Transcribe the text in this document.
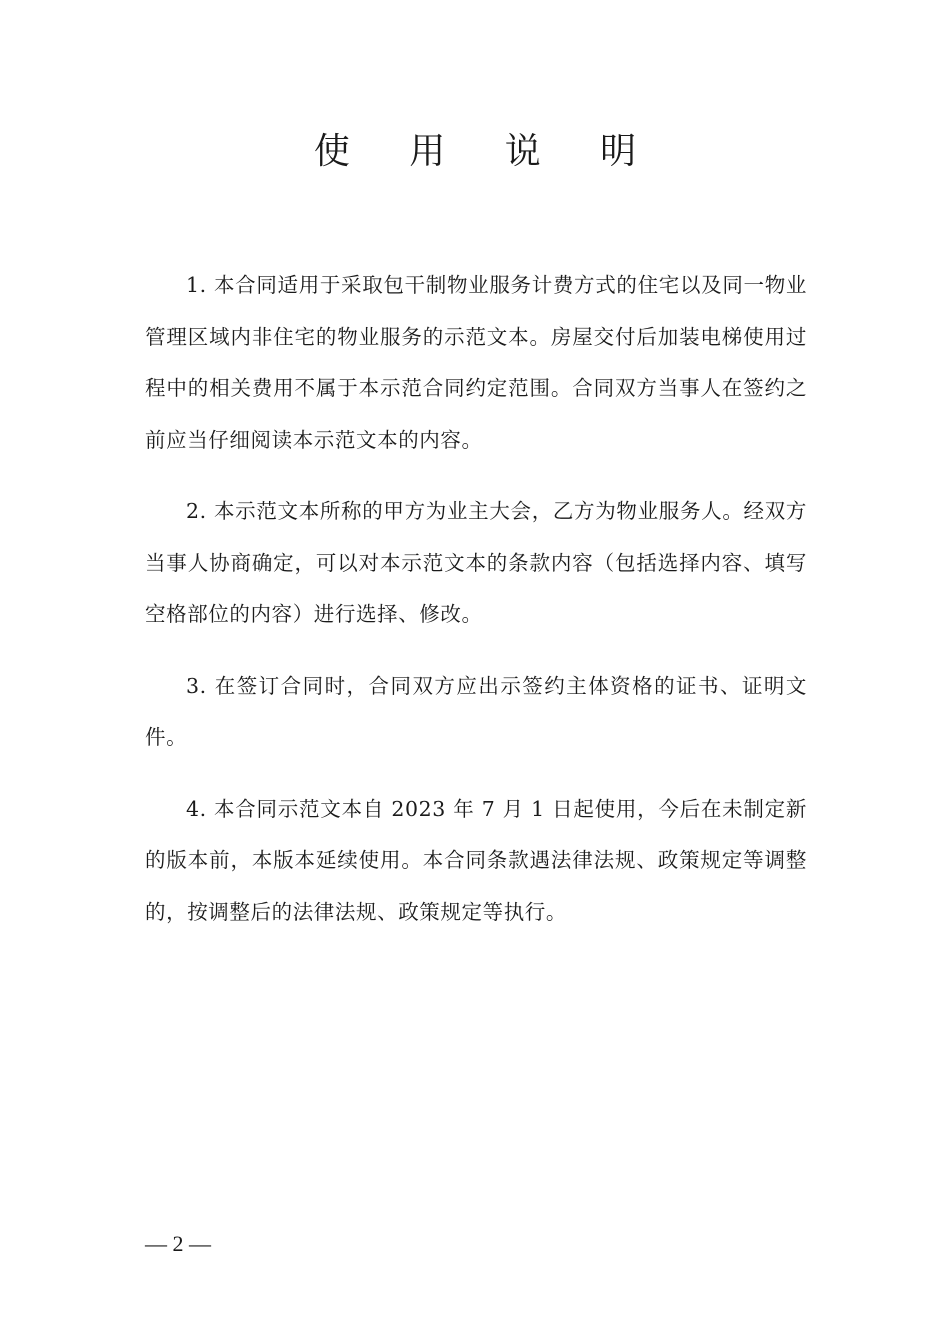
使 用 说 明

1. 本合同适用于采取包干制物业服务计费方式的住宅以及同一物业管理区域内非住宅的物业服务的示范文本。房屋交付后加装电梯使用过程中的相关费用不属于本示范合同约定范围。合同双方当事人在签约之前应当仔细阅读本示范文本的内容。

2. 本示范文本所称的甲方为业主大会，乙方为物业服务人。经双方当事人协商确定，可以对本示范文本的条款内容（包括选择内容、填写空格部位的内容）进行选择、修改。

3. 在签订合同时，合同双方应出示签约主体资格的证书、证明文件。

4. 本合同示范文本自 2023 年 7 月 1 日起使用，今后在未制定新的版本前，本版本延续使用。本合同条款遇法律法规、政策规定等调整的，按调整后的法律法规、政策规定等执行。

— 2 —
